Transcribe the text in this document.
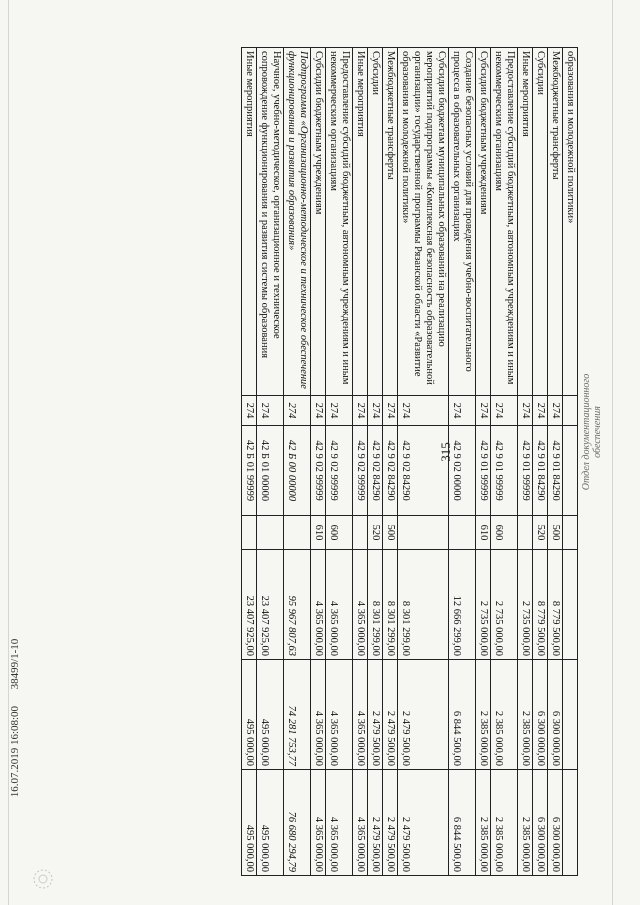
образования и молодежной политики»						
Межбюджетные трансферты	274	42 9 01 84290	500	8 779 500,00	6 300 000,00	6 300 000,00
Субсидии	274	42 9 01 84290	520	8 779 500,00	6 300 000,00	6 300 000,00
Иные мероприятия	274	42 9 01 99999		2 735 000,00	2 385 000,00	2 385 000,00
Предоставление субсидий бюджетным, автономным учреждениям и иным некоммерческим организациям	274	42 9 01 99999	600	2 735 000,00	2 385 000,00	2 385 000,00
Субсидии бюджетным учреждениям	274	42 9 01 99999	610	2 735 000,00	2 385 000,00	2 385 000,00
Создание безопасных условий для проведения учебно-воспитательного процесса в образовательных организациях	274	42 9 02 00000		12 666 299,00	6 844 500,00	6 844 500,00
Субсидии бюджетам муниципальных образований на реализацию мероприятий подпрограммы «Комплексная безопасность образовательной организации» государственной программы Рязанской области «Развитие образования и молодежной политики»	274	42 9 02 84290		8 301 299,00	2 479 500,00	2 479 500,00
Межбюджетные трансферты	274	42 9 02 84290	500	8 301 299,00	2 479 500,00	2 479 500,00
Субсидии	274	42 9 02 84290	520	8 301 299,00	2 479 500,00	2 479 500,00
Иные мероприятия	274	42 9 02 99999		4 365 000,00	4 365 000,00	4 365 000,00
Предоставление субсидий бюджетным, автономным учреждениям и иным некоммерческим организациям	274	42 9 02 99999	600	4 365 000,00	4 365 000,00	4 365 000,00
Субсидии бюджетным учреждениям	274	42 9 02 99999	610	4 365 000,00	4 365 000,00	4 365 000,00
Подпрограмма «Организационно-методическое и техническое обеспечение функционирования и развития образования»	274	42 Б 00 00000		95 967 807,63	74 281 753,77	76 680 294,79
Научное, учебно-методическое, организационное и техническое сопровождение функционирования и развития системы образования	274	42 Б 01 00000		23 407 925,00	495 000,00	495 000,00
Иные мероприятия	274	42 Б 01 99999		23 407 925,00	495 000,00	495 000,00
315
16.07.2019 16:08:00      38499/1-10
Отдел документационного обеспечения
